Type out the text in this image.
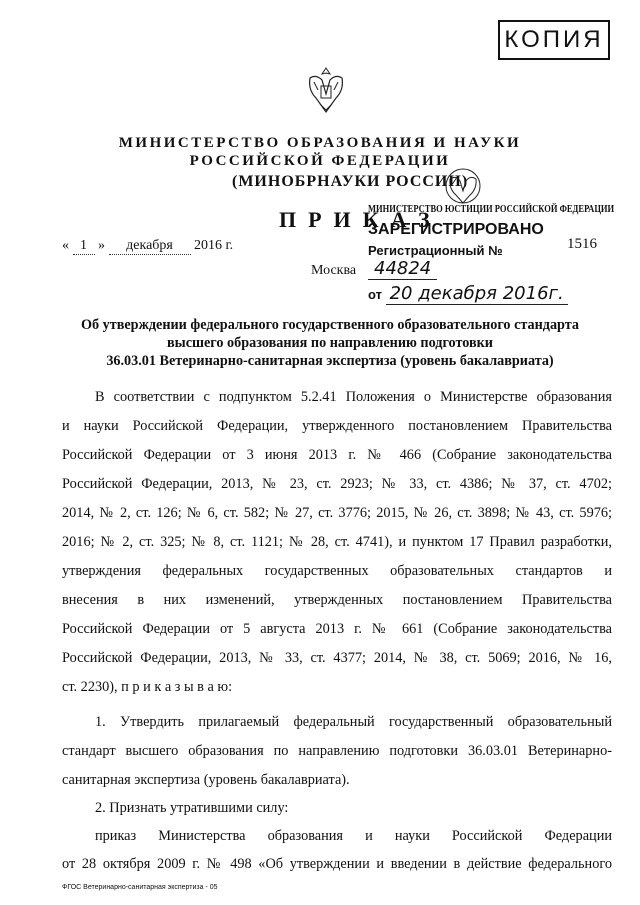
КОПИЯ
МИНИСТЕРСТВО ОБРАЗОВАНИЯ И НАУКИ
РОССИЙСКОЙ ФЕДЕРАЦИИ
(МИНОБРНАУКИ РОССИИ)
ПРИКАЗ
МИНИСТЕРСТВО ЮСТИЦИИ РОССИЙСКОЙ ФЕДЕРАЦИИ
ЗАРЕГИСТРИРОВАНО
Регистрационный № 44824
от 20 декабря 2016г.
« 1 » декабря 2016 г.	1516
Москва
Об утверждении федерального государственного образовательного стандарта
высшего образования по направлению подготовки
36.03.01 Ветеринарно-санитарная экспертиза (уровень бакалавриата)
В соответствии с подпунктом 5.2.41 Положения о Министерстве образования
и науки Российской Федерации, утвержденного постановлением Правительства
Российской Федерации от 3 июня 2013 г. № 466 (Собрание законодательства
Российской Федерации, 2013, № 23, ст. 2923; № 33, ст. 4386; № 37, ст. 4702;
2014, № 2, ст. 126; № 6, ст. 582; № 27, ст. 3776; 2015, № 26, ст. 3898; № 43, ст. 5976;
2016; № 2, ст. 325; № 8, ст. 1121; № 28, ст. 4741), и пунктом 17 Правил разработки,
утверждения федеральных государственных образовательных стандартов и
внесения в них изменений, утвержденных постановлением Правительства
Российской Федерации от 5 августа 2013 г. № 661 (Собрание законодательства
Российской Федерации, 2013, № 33, ст. 4377; 2014, № 38, ст. 5069; 2016, № 16,
ст. 2230), п р и к а з ы в а ю:
1. Утвердить прилагаемый федеральный государственный образовательный
стандарт высшего образования по направлению подготовки 36.03.01 Ветеринарно-
санитарная экспертиза (уровень бакалавриата).
2. Признать утратившими силу:
приказ Министерства образования и науки Российской Федерации
от 28 октября 2009 г. № 498 «Об утверждении и введении в действие федерального
ФГОС Ветеринарно-санитарная экспертиза - 05
